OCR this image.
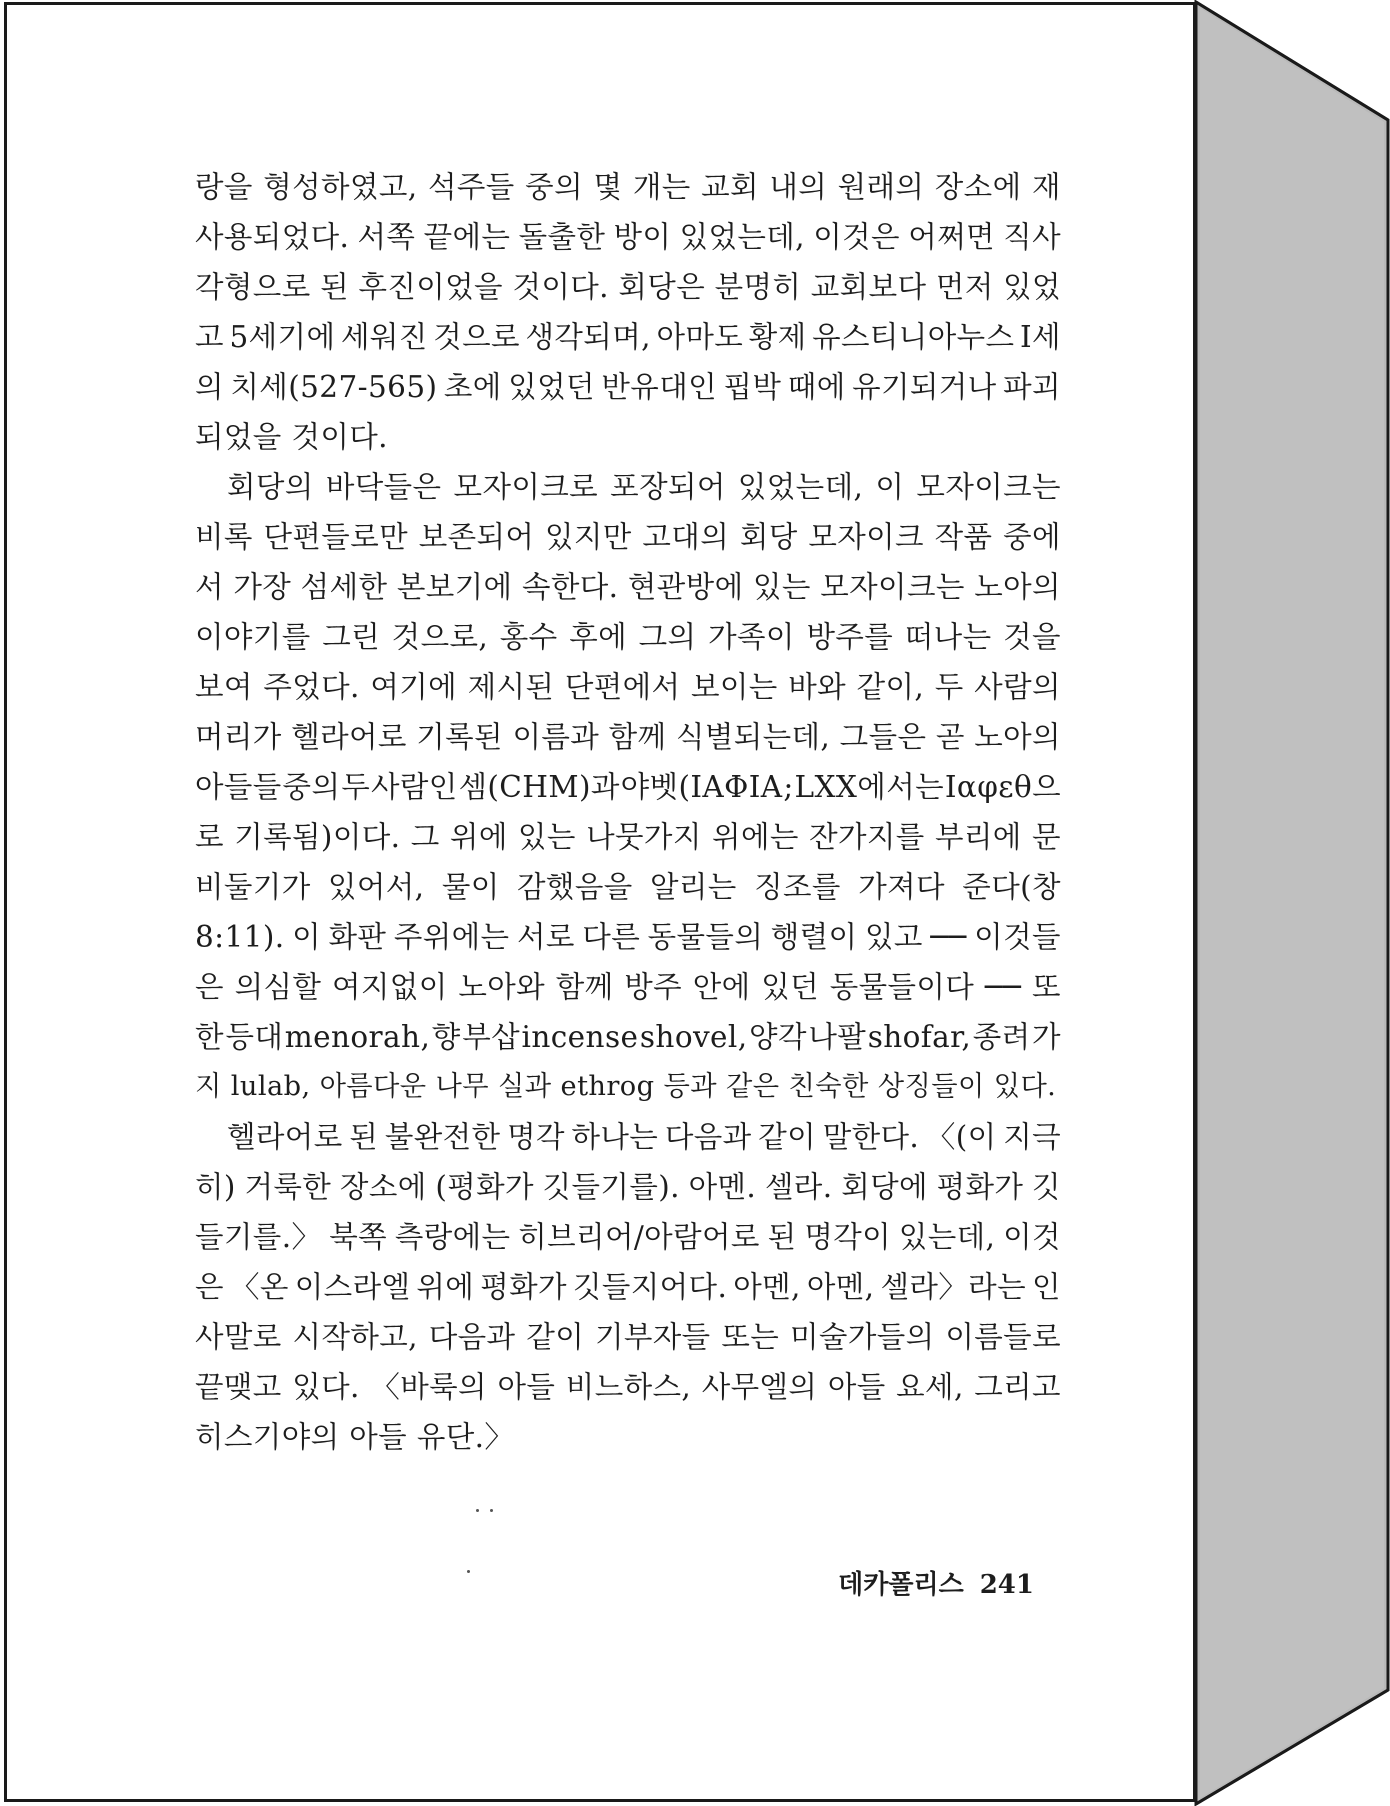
랑을 형성하였고, 석주들 중의 몇 개는 교회 내의 원래의 장소에 재
사용되었다. 서쪽 끝에는 돌출한 방이 있었는데, 이것은 어쩌면 직사
각형으로 된 후진이었을 것이다. 회당은 분명히 교회보다 먼저 있었
고 5세기에 세워진 것으로 생각되며, 아마도 황제 유스티니아누스 I세
의 치세(527-565) 초에 있었던 반유대인 핍박 때에 유기되거나 파괴
되었을 것이다.
회당의 바닥들은 모자이크로 포장되어 있었는데, 이 모자이크는
비록 단편들로만 보존되어 있지만 고대의 회당 모자이크 작품 중에
서 가장 섬세한 본보기에 속한다. 현관방에 있는 모자이크는 노아의
이야기를 그린 것으로, 홍수 후에 그의 가족이 방주를 떠나는 것을
보여 주었다. 여기에 제시된 단편에서 보이는 바와 같이, 두 사람의
머리가 헬라어로 기록된 이름과 함께 식별되는데, 그들은 곧 노아의
아들들 중의 두 사람인 셈(CHM)과 야벳(ΙΑΦΙΑ ; LXX에서는 Ιαφεθ으
로 기록됨)이다. 그 위에 있는 나뭇가지 위에는 잔가지를 부리에 문
비둘기가 있어서, 물이 감했음을 알리는 징조를 가져다 준다(창
8:11). 이 화판 주위에는 서로 다른 동물들의 행렬이 있고 ── 이것들
은 의심할 여지없이 노아와 함께 방주 안에 있던 동물들이다 ── 또
한 등대 menorah, 향 부삽 incense shovel, 양각 나팔 shofar, 종려 가
지 lulab, 아름다운 나무 실과 ethrog 등과 같은 친숙한 상징들이 있다.
헬라어로 된 불완전한 명각 하나는 다음과 같이 말한다. 〈(이 지극
히) 거룩한 장소에 (평화가 깃들기를). 아멘. 셀라. 회당에 평화가 깃
들기를.〉 북쪽 측랑에는 히브리어/아람어로 된 명각이 있는데, 이것
은 〈온 이스라엘 위에 평화가 깃들지어다. 아멘, 아멘, 셀라〉라는 인
사말로 시작하고, 다음과 같이 기부자들 또는 미술가들의 이름들로
끝맺고 있다. 〈바룩의 아들 비느하스, 사무엘의 아들 요세, 그리고
히스기야의 아들 유단.〉
데카폴리스 241
